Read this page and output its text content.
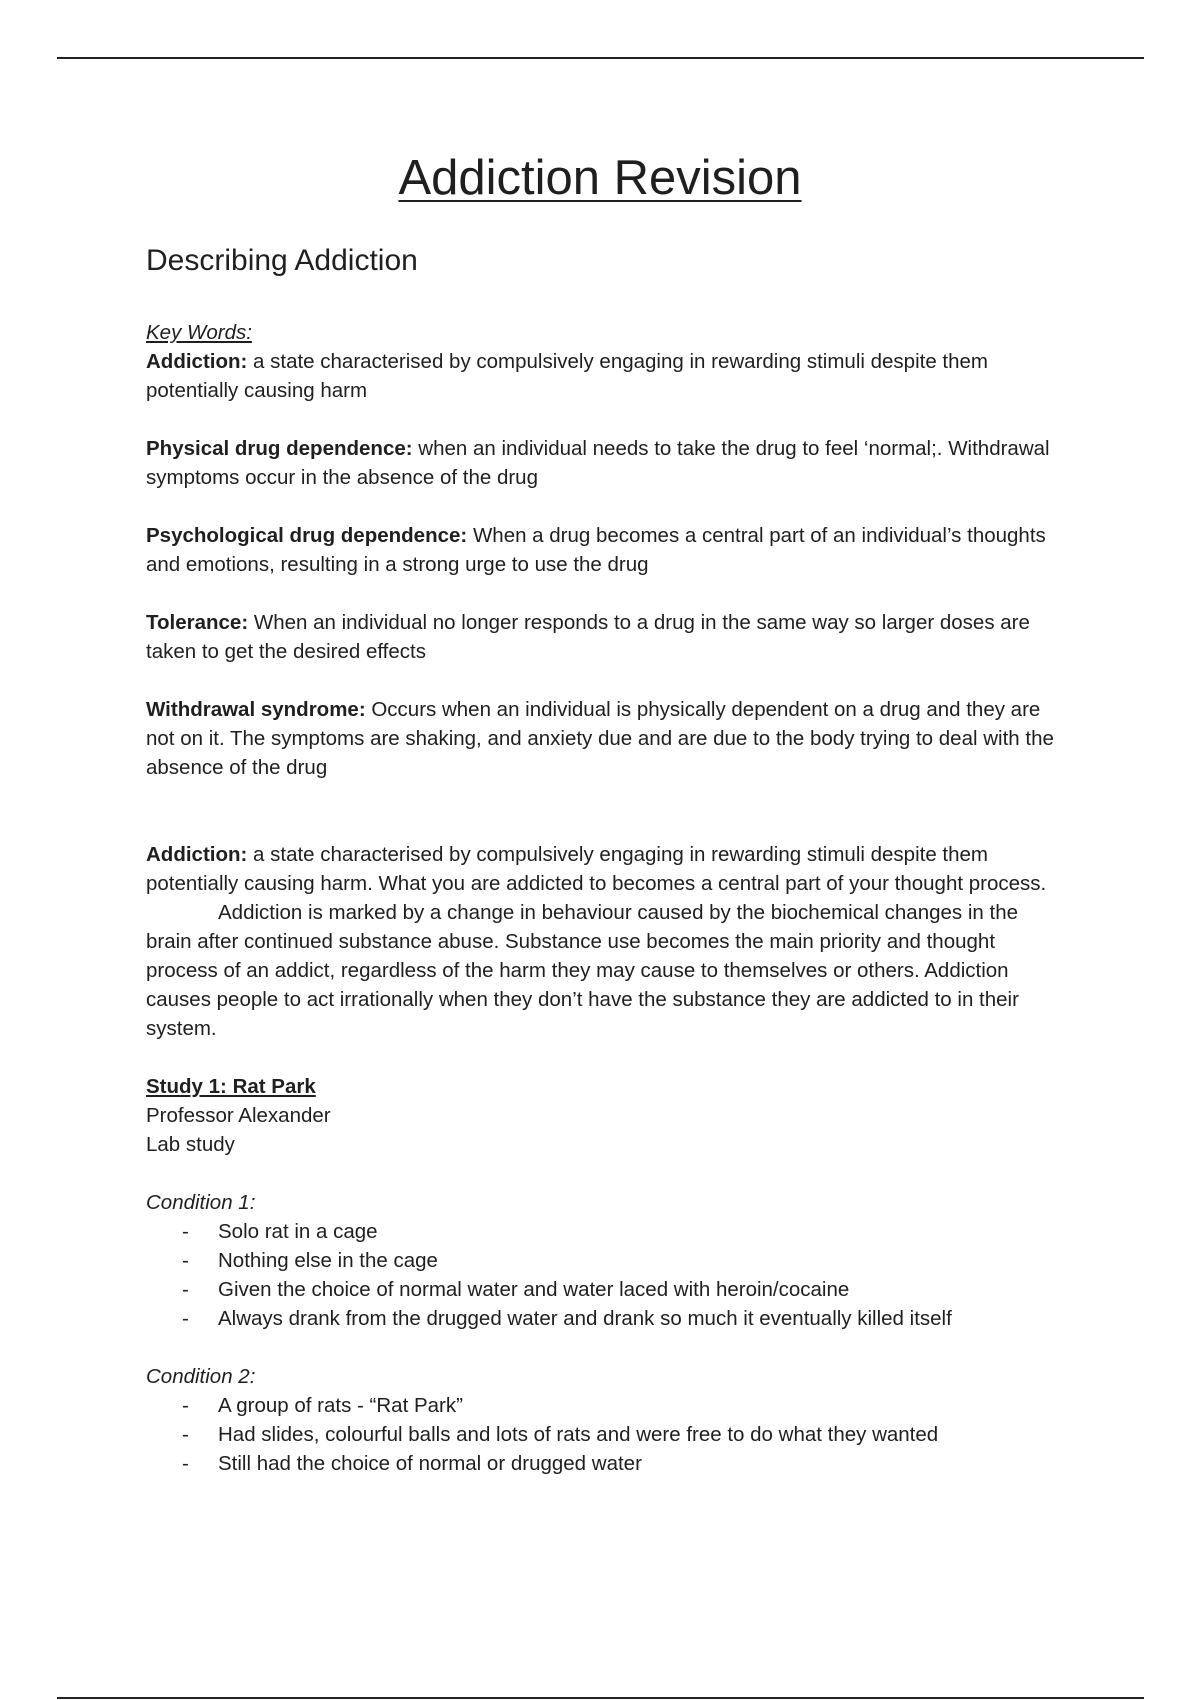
Addiction Revision
Describing Addiction
Key Words:

Addiction: a state characterised by compulsively engaging in rewarding stimuli despite them potentially causing harm

Physical drug dependence: when an individual needs to take the drug to feel ‘normal;. Withdrawal symptoms occur in the absence of the drug

Psychological drug dependence: When a drug becomes a central part of an individual’s thoughts and emotions, resulting in a strong urge to use the drug

Tolerance: When an individual no longer responds to a drug in the same way so larger doses are taken to get the desired effects

Withdrawal syndrome: Occurs when an individual is physically dependent on a drug and they are not on it. The symptoms are shaking, and anxiety due and are due to the body trying to deal with the absence of the drug

Addiction: a state characterised by compulsively engaging in rewarding stimuli despite them potentially causing harm. What you are addicted to becomes a central part of your thought process.

Addiction is marked by a change in behaviour caused by the biochemical changes in the brain after continued substance abuse. Substance use becomes the main priority and thought process of an addict, regardless of the harm they may cause to themselves or others. Addiction causes people to act irrationally when they don’t have the substance they are addicted to in their system.

Study 1: Rat Park
Professor Alexander
Lab study
Condition 1:
- Solo rat in a cage
- Nothing else in the cage
- Given the choice of normal water and water laced with heroin/cocaine
- Always drank from the drugged water and drank so much it eventually killed itself
Condition 2:
- A group of rats - “Rat Park”
- Had slides, colourful balls and lots of rats and were free to do what they wanted
- Still had the choice of normal or drugged water
